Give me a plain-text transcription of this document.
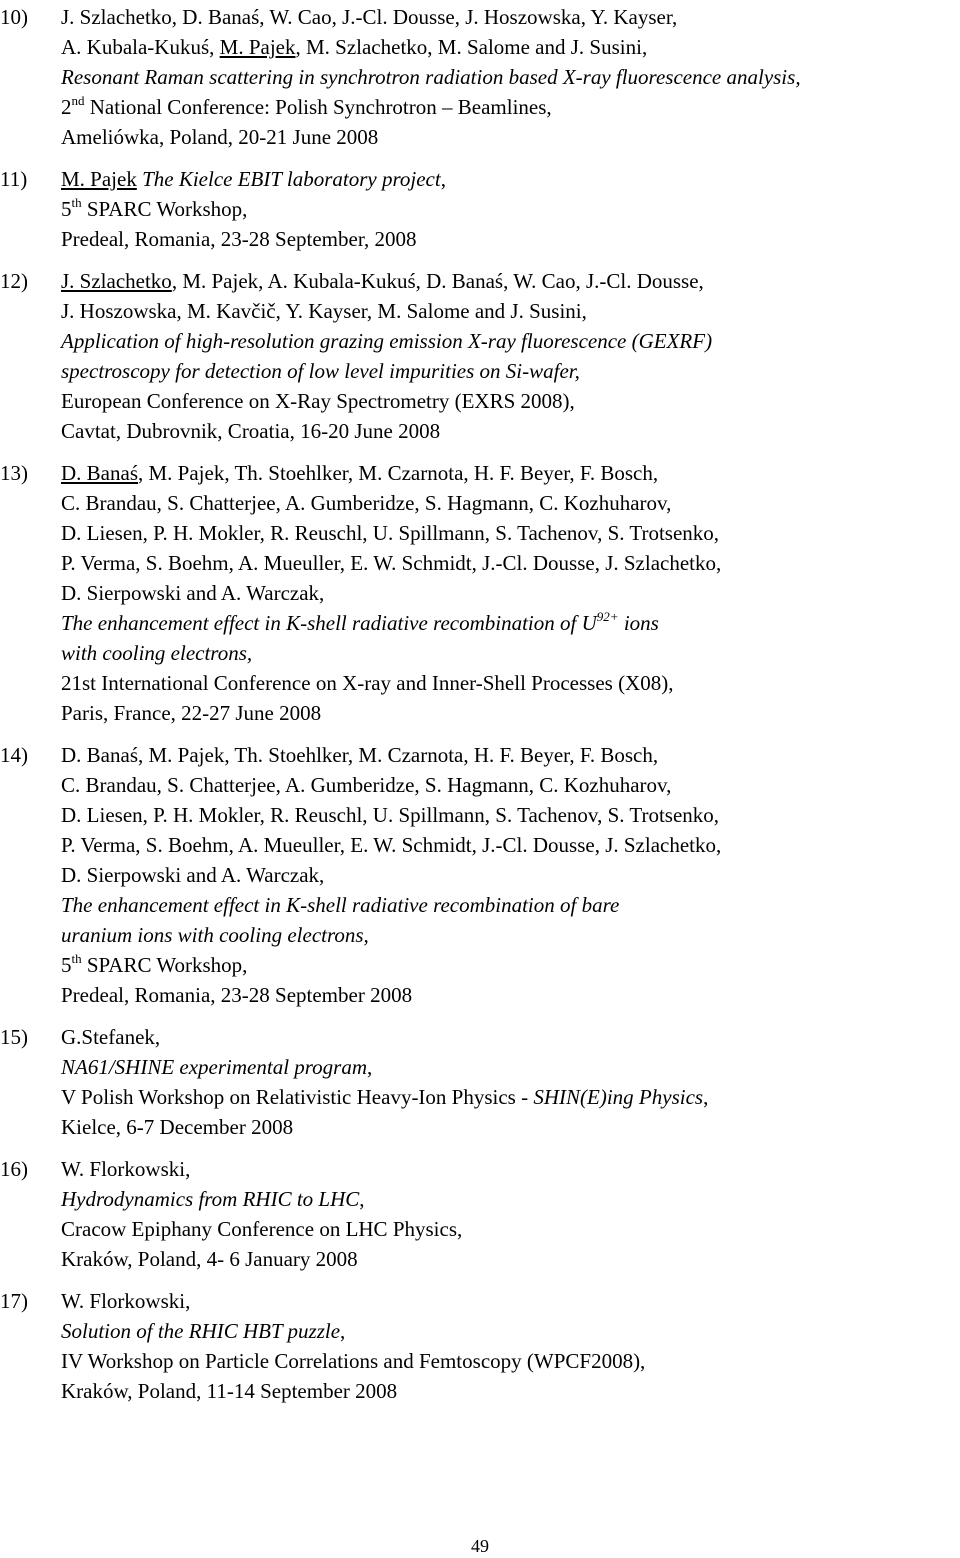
10) J. Szlachetko, D. Banaś, W. Cao, J.-Cl. Dousse, J. Hoszowska, Y. Kayser,
A. Kubala-Kukuś, M. Pajek, M. Szlachetko, M. Salome and J. Susini,
Resonant Raman scattering in synchrotron radiation based X-ray fluorescence analysis,
2nd National Conference: Polish Synchrotron – Beamlines,
Ameliówka, Poland, 20-21 June 2008
11) M. Pajek The Kielce EBIT laboratory project,
5th SPARC Workshop,
Predeal, Romania, 23-28 September, 2008
12) J. Szlachetko, M. Pajek, A. Kubala-Kukuś, D. Banaś, W. Cao, J.-Cl. Dousse,
J. Hoszowska, M. Kavčič, Y. Kayser, M. Salome and J. Susini,
Application of high-resolution grazing emission X-ray fluorescence (GEXRF)
spectroscopy for detection of low level impurities on Si-wafer,
European Conference on X-Ray Spectrometry (EXRS 2008),
Cavtat, Dubrovnik, Croatia, 16-20 June 2008
13) D. Banaś, M. Pajek, Th. Stoehlker, M. Czarnota, H. F. Beyer, F. Bosch,
C. Brandau, S. Chatterjee, A. Gumberidze, S. Hagmann, C. Kozhuharov,
D. Liesen, P. H. Mokler, R. Reuschl, U. Spillmann, S. Tachenov, S. Trotsenko,
P. Verma, S. Boehm, A. Mueuller, E. W. Schmidt, J.-Cl. Dousse, J. Szlachetko,
D. Sierpowski and A. Warczak,
The enhancement effect in K-shell radiative recombination of $U^{92+}$ ions
with cooling electrons,
21st International Conference on X-ray and Inner-Shell Processes (X08),
Paris, France, 22-27 June 2008
14) D. Banaś, M. Pajek, Th. Stoehlker, M. Czarnota, H. F. Beyer, F. Bosch,
C. Brandau, S. Chatterjee, A. Gumberidze, S. Hagmann, C. Kozhuharov,
D. Liesen, P. H. Mokler, R. Reuschl, U. Spillmann, S. Tachenov, S. Trotsenko,
P. Verma, S. Boehm, A. Mueuller, E. W. Schmidt, J.-Cl. Dousse, J. Szlachetko,
D. Sierpowski and A. Warczak,
The enhancement effect in K-shell radiative recombination of bare
uranium ions with cooling electrons,
5th SPARC Workshop,
Predeal, Romania, 23-28 September 2008
15) G.Stefanek,
NA61/SHINE experimental program,
V Polish Workshop on Relativistic Heavy-Ion Physics - SHIN(E)ing Physics,
Kielce, 6-7 December 2008
16) W. Florkowski,
Hydrodynamics from RHIC to LHC,
Cracow Epiphany Conference on LHC Physics,
Kraków, Poland, 4- 6 January 2008
17) W. Florkowski,
Solution of the RHIC HBT puzzle,
IV Workshop on Particle Correlations and Femtoscopy (WPCF2008),
Kraków, Poland, 11-14 September 2008
49
